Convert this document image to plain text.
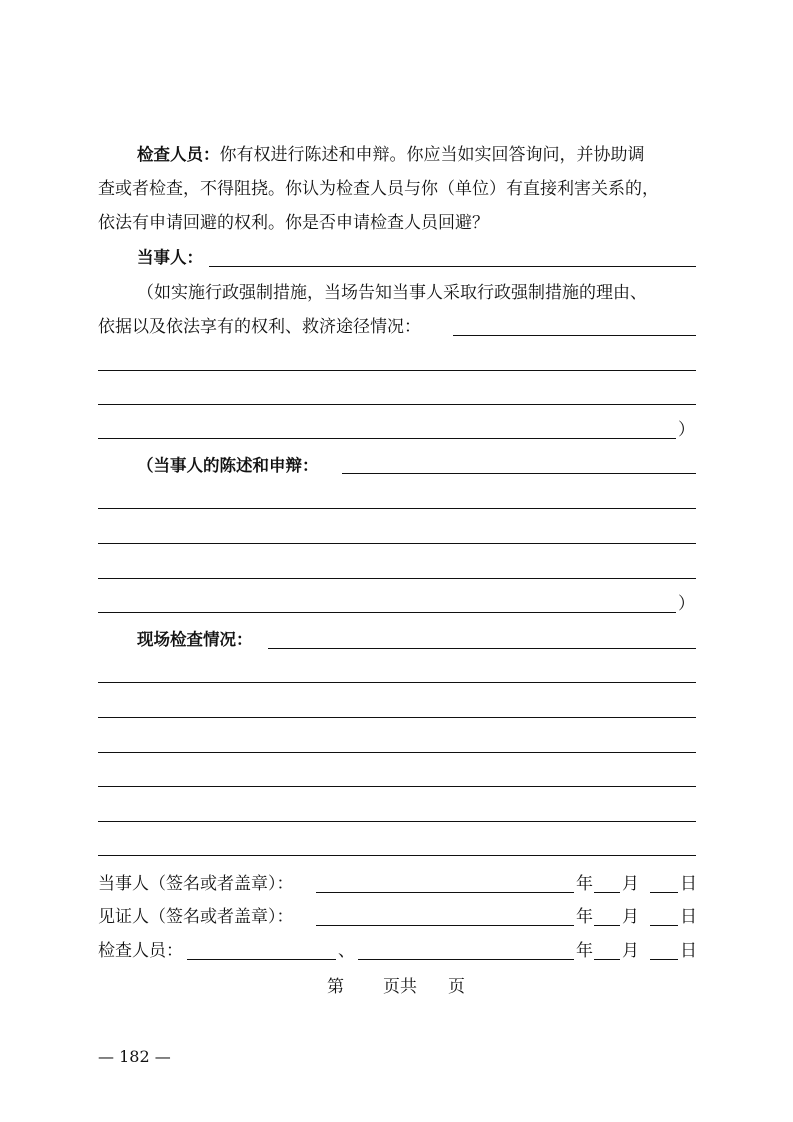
检查人员：你有权进行陈述和申辩。你应当如实回答询问，并协助调
查或者检查，不得阻挠。你认为检查人员与你（单位）有直接利害关系的，
依法有申请回避的权利。你是否申请检查人员回避？
当事人：
（如实施行政强制措施，当场告知当事人采取行政强制措施的理由、
依据以及依法享有的权利、救济途径情况：
）
（当事人的陈述和申辩：
）
现场检查情况：
当事人（签名或者盖章）：	年 月 日
见证人（签名或者盖章）：	年 月 日
检查人员：	、	年 月 日
第 页共 页
— 182 —
